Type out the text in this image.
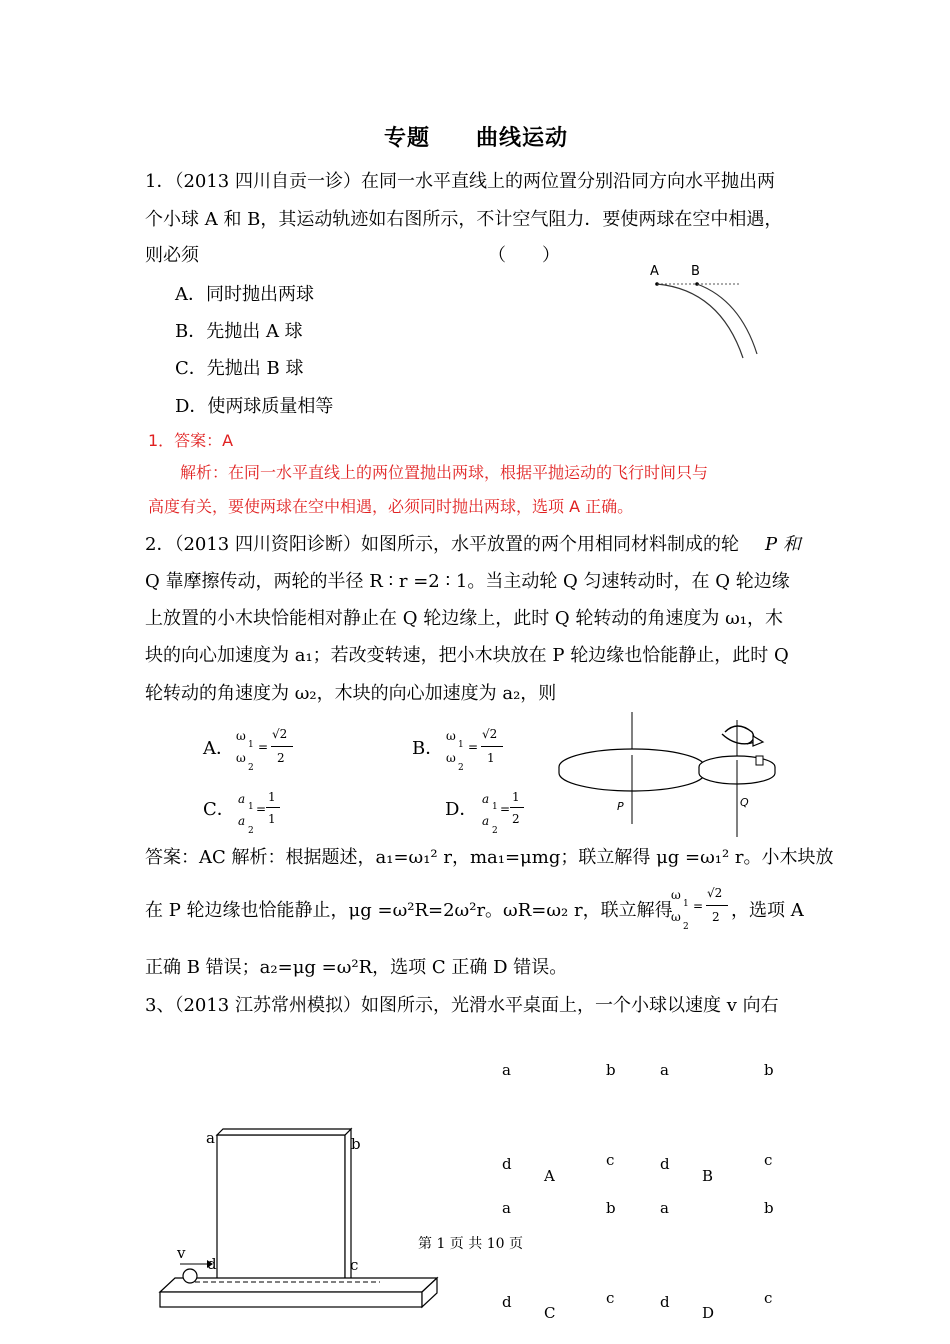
专题　　曲线运动
1．（2013 四川自贡一诊）在同一水平直线上的两位置分别沿同方向水平抛出两
个小球 A 和 B，其运动轨迹如右图所示，不计空气阻力．要使两球在空中相遇，
则必须	（　　）
A．同时抛出两球
B．先抛出 A 球
C．先抛出 B 球
D．使两球质量相等
A B
1．答案：A
解析：在同一水平直线上的两位置抛出两球，根据平抛运动的飞行时间只与
高度有关，要使两球在空中相遇，必须同时抛出两球，选项 A 正确。
2．（2013 四川资阳诊断）如图所示，水平放置的两个用相同材料制成的轮 P 和
Q 靠摩擦传动，两轮的半径 R ∶ r =2 ∶ 1。当主动轮 Q 匀速转动时，在 Q 轮边缘
上放置的小木块恰能相对静止在 Q 轮边缘上，此时 Q 轮转动的角速度为 ω₁，木
块的向心加速度为 a₁；若改变转速，把小木块放在 P 轮边缘也恰能静止，此时 Q
轮转动的角速度为 ω₂，木块的向心加速度为 a₂，则
A．
ω
1
ω
2
=
√2
2	B．
ω
1
ω
2
=
√2
1
C． a
1
a
2
=
1
1	D． a
1
a
2
=
1
2
P	Q
答案：AC 解析：根据题述，a₁=ω₁² r，ma₁=μmg；联立解得 μg =ω₁² r。小木块放
在 P 轮边缘也恰能静止，μg =ω²R=2ω²r。ωR=ω₂ r，联立解得
ω
1
ω
2
=
√2
2 ，选项 A
正确 B 错误；a₂=μg =ω²R，选项 C 正确 D 错误。
3、（2013 江苏常州模拟）如图所示，光滑水平桌面上，一个小球以速度 v 向右
a	b
d	c
v
a	b
d	c
A
a	b
d	c
B
a	b
d	c
C
a	b
d	c
D
第 1 页 共 10 页
